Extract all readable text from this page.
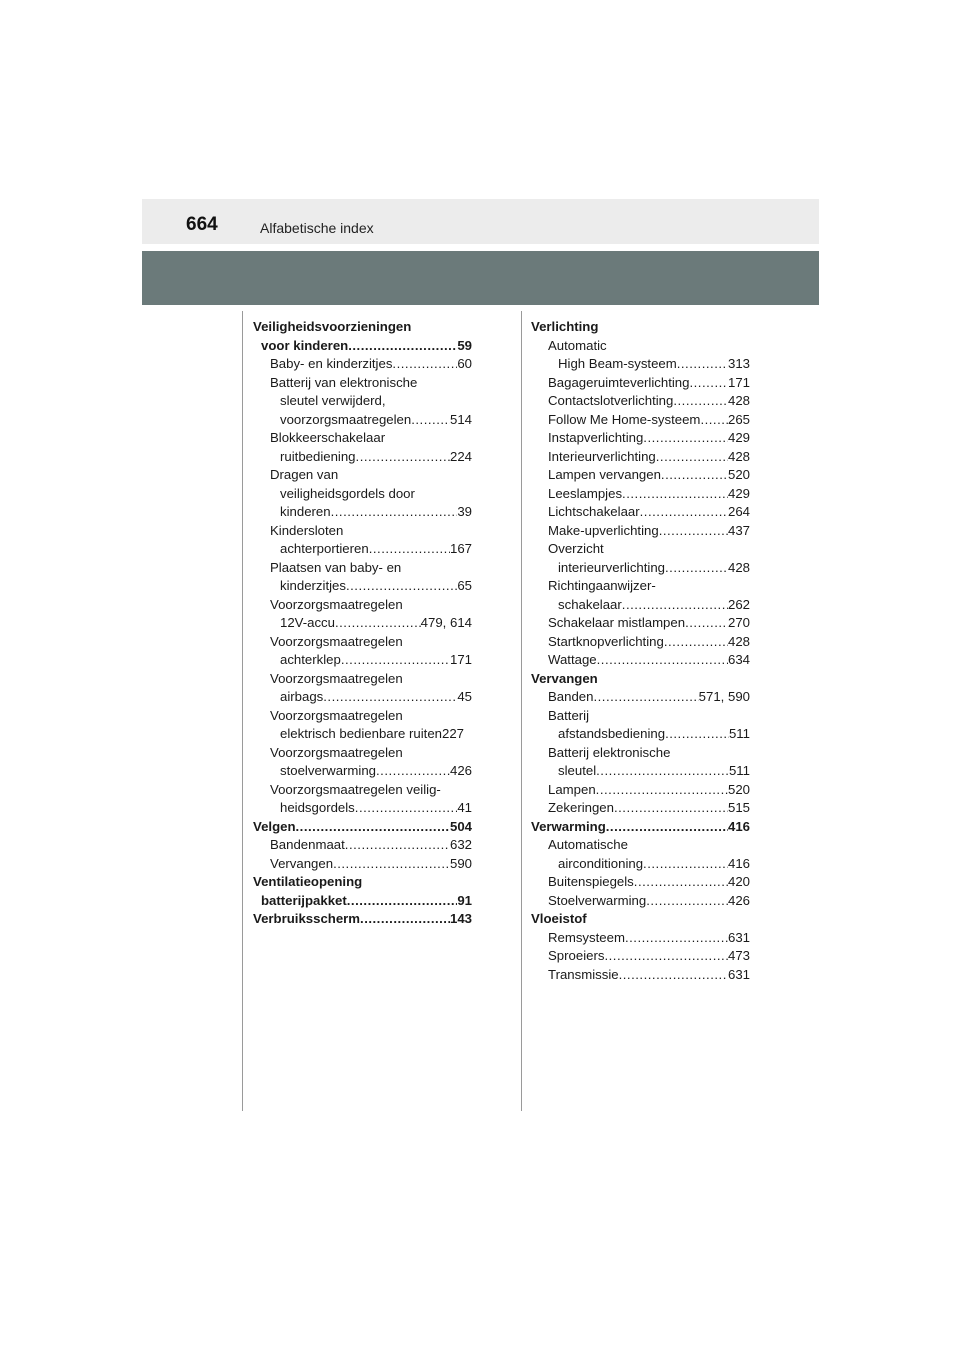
664	Alfabetische index
Veiligheidsvoorzieningen
voor kinderen .....	59
Baby- en kinderzitjes .....	60
Batterij van elektronische
sleutel verwijderd,
voorzorgsmaatregelen .....	514
Blokkeerschakelaar
ruitbediening .....	224
Dragen van
veiligheidsgordels door
kinderen .....	39
Kindersloten
achterportieren .....	167
Plaatsen van baby- en
kinderzitjes .....	65
Voorzorgsmaatregelen
12V-accu .....	479, 614
Voorzorgsmaatregelen
achterklep .....	171
Voorzorgsmaatregelen
airbags .....	45
Voorzorgsmaatregelen
elektrisch bedienbare ruiten 227
Voorzorgsmaatregelen
stoelverwarming .....	426
Voorzorgsmaatregelen veilig-
heidsgordels .....	41
Velgen .....	504
Bandenmaat .....	632
Vervangen .....	590
Ventilatieopening
batterijpakket .....	91
Verbruiksscherm .....	143
Verlichting
Automatic
High Beam-systeem .....	313
Bagageruimteverlichting .....	171
Contactslotverlichting .....	428
Follow Me Home-systeem ..... 265
Instapverlichting .....	429
Interieurverlichting .....	428
Lampen vervangen .....	520
Leeslampjes .....	429
Lichtschakelaar .....	264
Make-upverlichting .....	437
Overzicht
interieurverlichting .....	428
Richtingaanwijzer-
schakelaar .....	262
Schakelaar mistlampen .....	270
Startknopverlichting .....	428
Wattage .....	634
Vervangen
Banden .....	571, 590
Batterij
afstandsbediening .....	511
Batterij elektronische
sleutel .....	511
Lampen .....	520
Zekeringen .....	515
Verwarming .....	416
Automatische
airconditioning .....	416
Buitenspiegels .....	420
Stoelverwarming .....	426
Vloeistof
Remsysteem .....	631
Sproeiers .....	473
Transmissie .....	631
